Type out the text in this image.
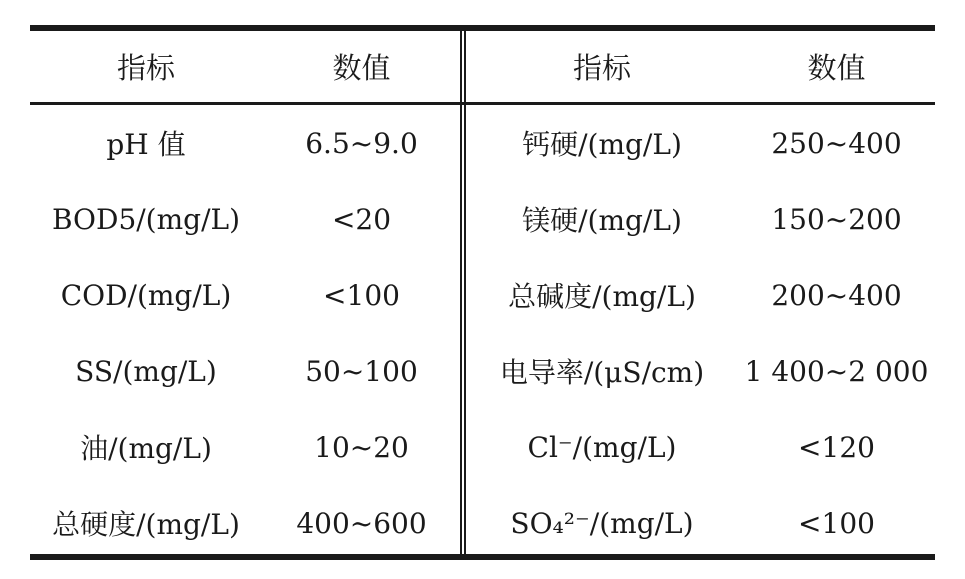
指标	数值	指标	数值
pH 值	6.5~9.0	钙硬/(mg/L)	250~400
BOD5/(mg/L)	<20	镁硬/(mg/L)	150~200
COD/(mg/L)	<100	总碱度/(mg/L)	200~400
SS/(mg/L)	50~100	电导率/(μS/cm)	1 400~2 000
油/(mg/L)	10~20	Cl⁻/(mg/L)	<120
总硬度/(mg/L)	400~600	SO₄²⁻/(mg/L)	<100
